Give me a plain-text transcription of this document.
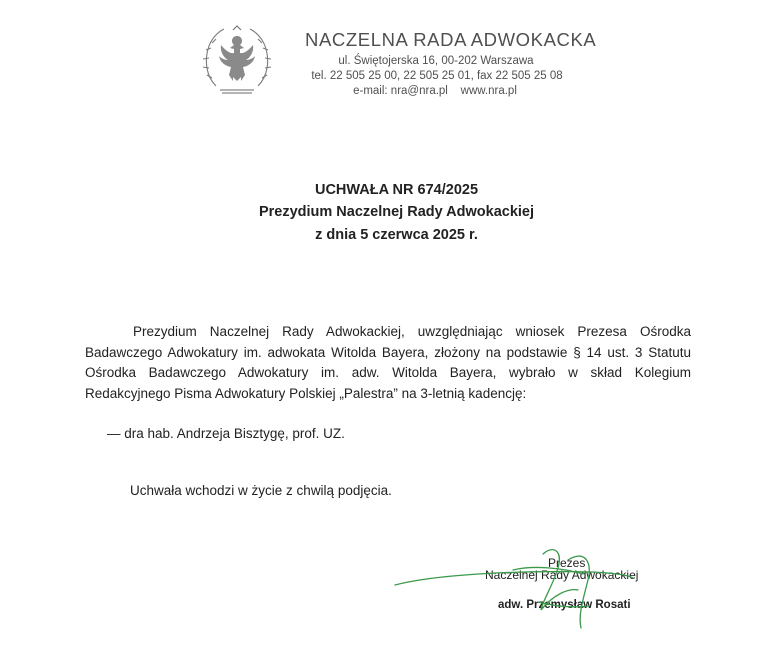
NACZELNA RADA ADWOKACKA
ul. Świętojerska 16, 00-202 Warszawa
tel. 22 505 25 00, 22 505 25 01, fax 22 505 25 08
e-mail: nra@nra.pl    www.nra.pl
UCHWAŁA NR 674/2025
Prezydium Naczelnej Rady Adwokackiej
z dnia 5 czerwca 2025 r.
Prezydium Naczelnej Rady Adwokackiej, uwzględniając wniosek Prezesa Ośrodka Badawczego Adwokatury im. adwokata Witolda Bayera, złożony na podstawie § 14 ust. 3 Statutu Ośrodka Badawczego Adwokatury im. adw. Witolda Bayera, wybrało w skład Kolegium Redakcyjnego Pisma Adwokatury Polskiej „Palestra” na 3-letnią kadencję:
— dra hab. Andrzeja Bisztygę, prof. UZ.
Uchwała wchodzi w życie z chwilą podjęcia.
Prezes
Naczelnej Rady Adwokackiej
adw. Przemysław Rosati
